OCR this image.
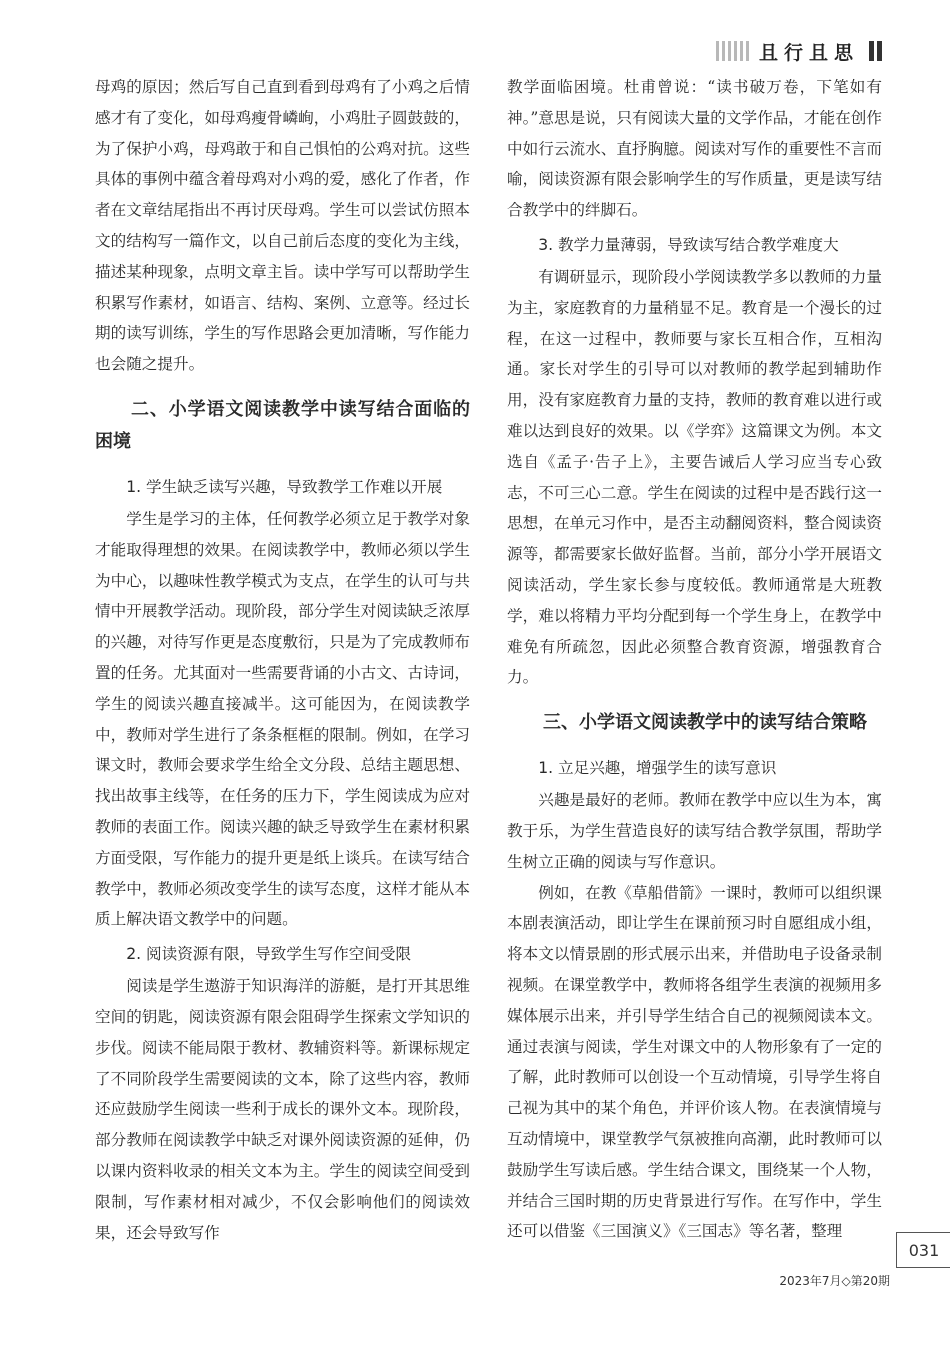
且行且思

母鸡的原因；然后写自己直到看到母鸡有了小鸡之后情感才有了变化，如母鸡瘦骨嶙峋，小鸡肚子圆鼓鼓的，为了保护小鸡，母鸡敢于和自己惧怕的公鸡对抗。这些具体的事例中蕴含着母鸡对小鸡的爱，感化了作者，作者在文章结尾指出不再讨厌母鸡。学生可以尝试仿照本文的结构写一篇作文，以自己前后态度的变化为主线，描述某种现象，点明文章主旨。读中学写可以帮助学生积累写作素材，如语言、结构、案例、立意等。经过长期的读写训练，学生的写作思路会更加清晰，写作能力也会随之提升。

二、小学语文阅读教学中读写结合面临的困境
1. 学生缺乏读写兴趣，导致教学工作难以开展

学生是学习的主体，任何教学必须立足于教学对象才能取得理想的效果。在阅读教学中，教师必须以学生为中心，以趣味性教学模式为支点，在学生的认可与共情中开展教学活动。现阶段，部分学生对阅读缺乏浓厚的兴趣，对待写作更是态度敷衍，只是为了完成教师布置的任务。尤其面对一些需要背诵的小古文、古诗词，学生的阅读兴趣直接减半。这可能因为，在阅读教学中，教师对学生进行了条条框框的限制。例如，在学习课文时，教师会要求学生给全文分段、总结主题思想、找出故事主线等，在任务的压力下，学生阅读成为应对教师的表面工作。阅读兴趣的缺乏导致学生在素材积累方面受限，写作能力的提升更是纸上谈兵。在读写结合教学中，教师必须改变学生的读写态度，这样才能从本质上解决语文教学中的问题。

2. 阅读资源有限，导致学生写作空间受限

阅读是学生遨游于知识海洋的游艇，是打开其思维空间的钥匙，阅读资源有限会阻碍学生探索文学知识的步伐。阅读不能局限于教材、教辅资料等。新课标规定了不同阶段学生需要阅读的文本，除了这些内容，教师还应鼓励学生阅读一些利于成长的课外文本。现阶段，部分教师在阅读教学中缺乏对课外阅读资源的延伸，仍以课内资料收录的相关文本为主。学生的阅读空间受到限制，写作素材相对减少，不仅会影响他们的阅读效果，还会导致写作

教学面临困境。杜甫曾说：“读书破万卷，下笔如有神。”意思是说，只有阅读大量的文学作品，才能在创作中如行云流水、直抒胸臆。阅读对写作的重要性不言而喻，阅读资源有限会影响学生的写作质量，更是读写结合教学中的绊脚石。

3. 教学力量薄弱，导致读写结合教学难度大

有调研显示，现阶段小学阅读教学多以教师的力量为主，家庭教育的力量稍显不足。教育是一个漫长的过程，在这一过程中，教师要与家长互相合作，互相沟通。家长对学生的引导可以对教师的教学起到辅助作用，没有家庭教育力量的支持，教师的教育难以进行或难以达到良好的效果。以《学弈》这篇课文为例。本文选自《孟子·告子上》，主要告诫后人学习应当专心致志，不可三心二意。学生在阅读的过程中是否践行这一思想，在单元习作中，是否主动翻阅资料，整合阅读资源等，都需要家长做好监督。当前，部分小学开展语文阅读活动，学生家长参与度较低。教师通常是大班教学，难以将精力平均分配到每一个学生身上，在教学中难免有所疏忽，因此必须整合教育资源，增强教育合力。

三、小学语文阅读教学中的读写结合策略
1. 立足兴趣，增强学生的读写意识

兴趣是最好的老师。教师在教学中应以生为本，寓教于乐，为学生营造良好的读写结合教学氛围，帮助学生树立正确的阅读与写作意识。

例如，在教《草船借箭》一课时，教师可以组织课本剧表演活动，即让学生在课前预习时自愿组成小组，将本文以情景剧的形式展示出来，并借助电子设备录制视频。在课堂教学中，教师将各组学生表演的视频用多媒体展示出来，并引导学生结合自己的视频阅读本文。通过表演与阅读，学生对课文中的人物形象有了一定的了解，此时教师可以创设一个互动情境，引导学生将自己视为其中的某个角色，并评价该人物。在表演情境与互动情境中，课堂教学气氛被推向高潮，此时教师可以鼓励学生写读后感。学生结合课文，围绕某一个人物，并结合三国时期的历史背景进行写作。在写作中，学生还可以借鉴《三国演义》《三国志》等名著，整理

031
2023年7月◇第20期
